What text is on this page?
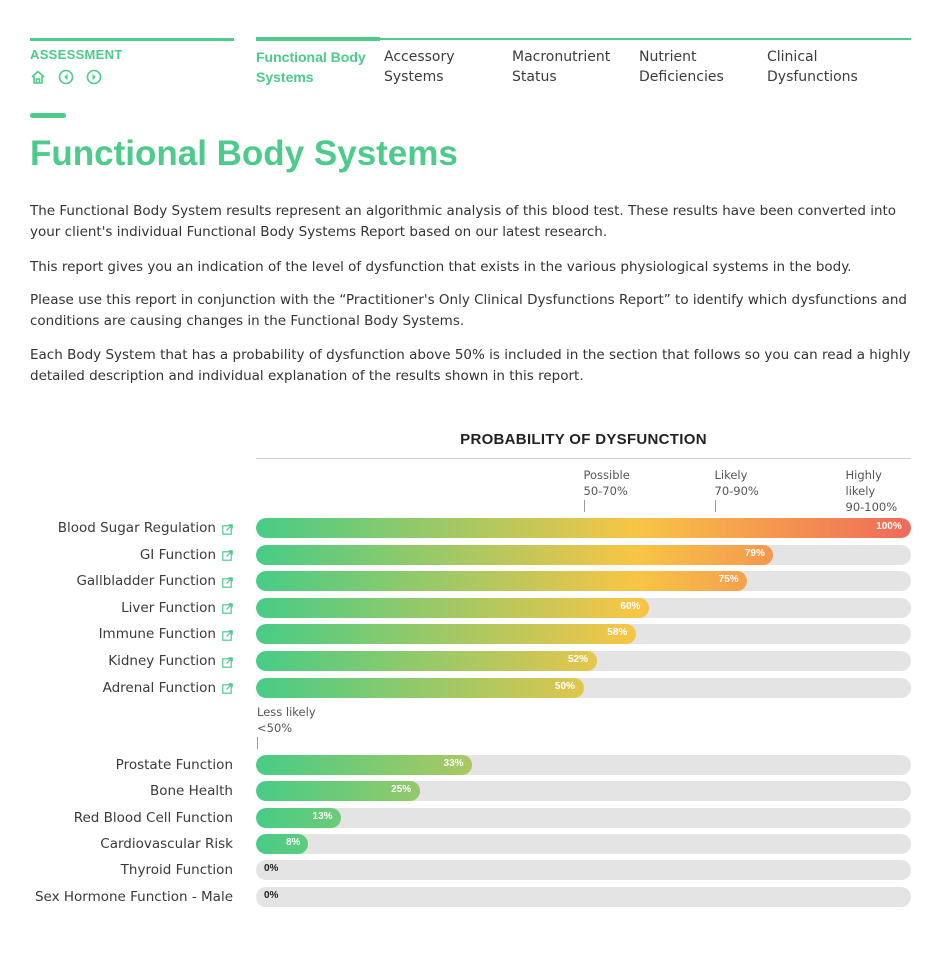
ASSESSMENT	Functional Body
Systems
Accessory
Systems
Macronutrient
Status
Nutrient
Deficiencies
Clinical
Dysfunctions
Functional Body Systems

The Functional Body System results represent an algorithmic analysis of this blood test. These results have been converted into your client's individual Functional Body Systems Report based on our latest research.

This report gives you an indication of the level of dysfunction that exists in the various physiological systems in the body.

Please use this report in conjunction with the “Practitioner's Only Clinical Dysfunctions Report” to identify which dysfunctions and conditions are causing changes in the Functional Body Systems.

Each Body System that has a probability of dysfunction above 50% is included in the section that follows so you can read a highly detailed description and individual explanation of the results shown in this report.

PROBABILITY OF DYSFUNCTION
Possible
50-70%
Likely
70-90%
Highly
likely
90-100%
Blood Sugar Regulation	100%
GI Function	79%
Gallbladder Function	75%
Liver Function	60%
Immune Function	58%
Kidney Function	52%
Adrenal Function	50%
Less likely
<50%
Prostate Function	33%
Bone Health	25%
Red Blood Cell Function	13%
Cardiovascular Risk	8%
Thyroid Function	0%
Sex Hormone Function - Male	0%
